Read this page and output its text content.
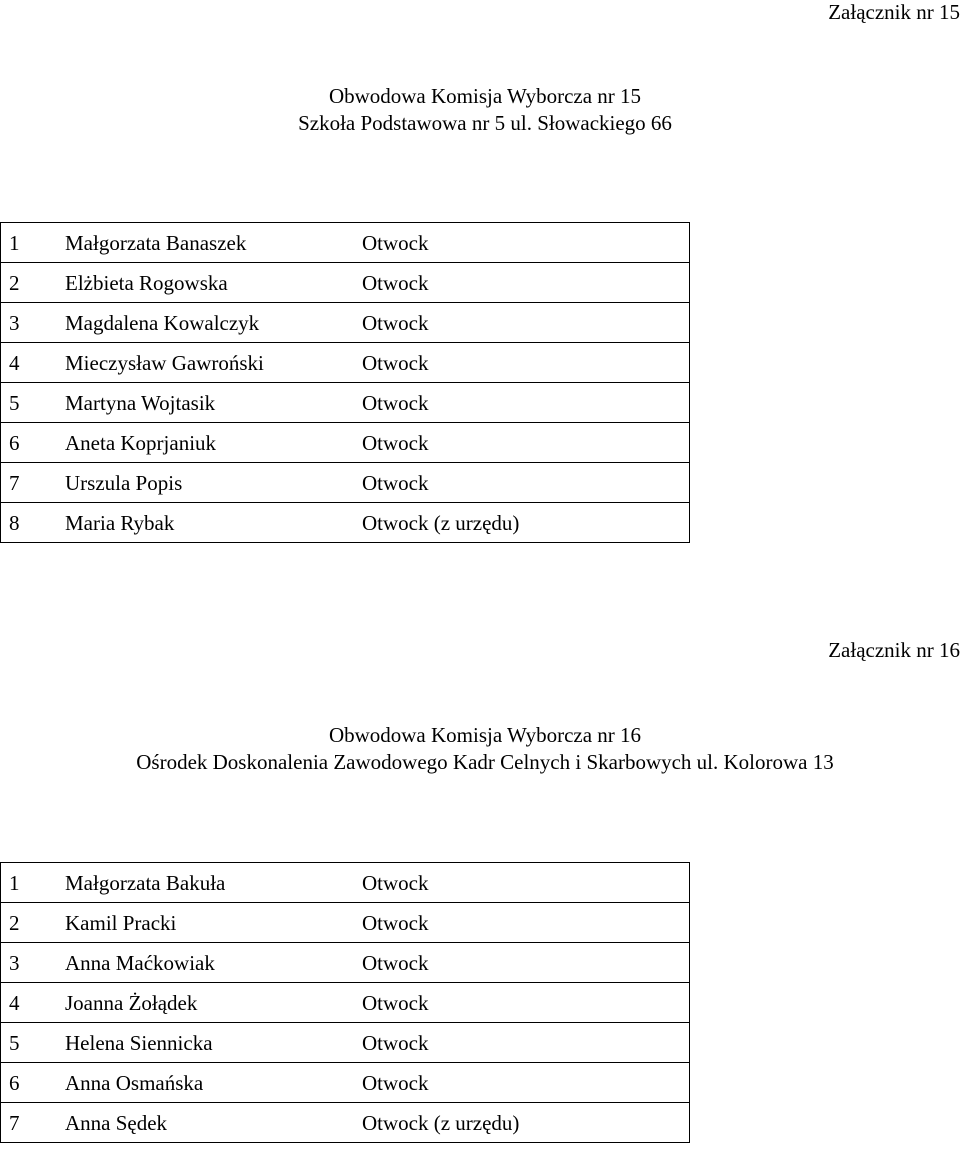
Załącznik nr 15
Obwodowa Komisja Wyborcza nr 15
Szkoła Podstawowa nr 5 ul. Słowackiego 66
1	Małgorzata Banaszek	Otwock
2	Elżbieta Rogowska	Otwock
3	Magdalena Kowalczyk	Otwock
4	Mieczysław Gawroński	Otwock
5	Martyna Wojtasik	Otwock
6	Aneta Koprjaniuk	Otwock
7	Urszula Popis	Otwock
8	Maria Rybak	Otwock (z urzędu)
Załącznik nr 16
Obwodowa Komisja Wyborcza nr 16
Ośrodek Doskonalenia Zawodowego Kadr Celnych i Skarbowych ul. Kolorowa 13
1	Małgorzata Bakuła	Otwock
2	Kamil Pracki	Otwock
3	Anna Maćkowiak	Otwock
4	Joanna Żołądek	Otwock
5	Helena Siennicka	Otwock
6	Anna Osmańska	Otwock
7	Anna Sędek	Otwock (z urzędu)
